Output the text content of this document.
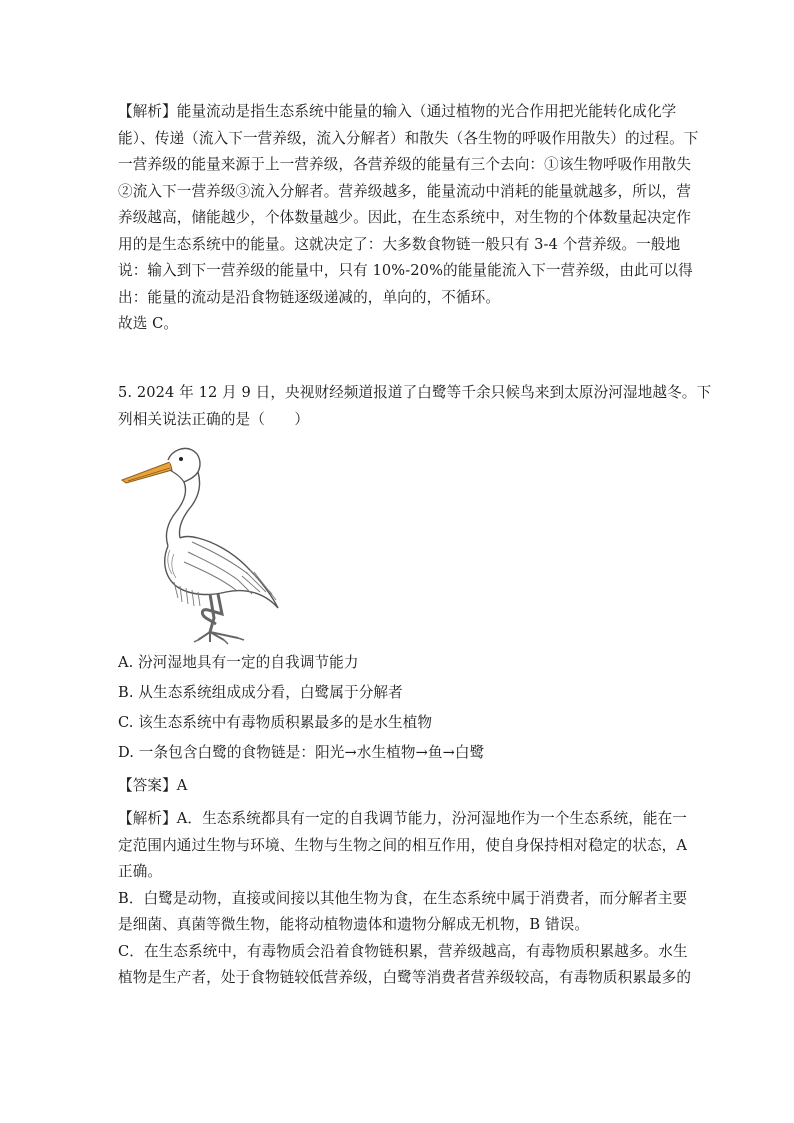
【解析】能量流动是指生态系统中能量的输入（通过植物的光合作用把光能转化成化学
能）、传递（流入下一营养级，流入分解者）和散失（各生物的呼吸作用散失）的过程。下
一营养级的能量来源于上一营养级，各营养级的能量有三个去向：①该生物呼吸作用散失
②流入下一营养级③流入分解者。营养级越多，能量流动中消耗的能量就越多，所以，营
养级越高，储能越少，个体数量越少。因此，在生态系统中，对生物的个体数量起决定作
用的是生态系统中的能量。这就决定了：大多数食物链一般只有 3-4 个营养级。一般地
说：输入到下一营养级的能量中，只有 10%-20%的能量能流入下一营养级，由此可以得
出：能量的流动是沿食物链逐级递减的，单向的，不循环。
故选 C。
5. 2024 年 12 月 9 日，央视财经频道报道了白鹭等千余只候鸟来到太原汾河湿地越冬。下
列相关说法正确的是（　　）
A. 汾河湿地具有一定的自我调节能力
B. 从生态系统组成成分看，白鹭属于分解者
C. 该生态系统中有毒物质积累最多的是水生植物
D. 一条包含白鹭的食物链是：阳光→水生植物→鱼→白鹭
【答案】A
【解析】A．生态系统都具有一定的自我调节能力，汾河湿地作为一个生态系统，能在一
定范围内通过生物与环境、生物与生物之间的相互作用，使自身保持相对稳定的状态，A
正确。
B．白鹭是动物，直接或间接以其他生物为食，在生态系统中属于消费者，而分解者主要
是细菌、真菌等微生物，能将动植物遗体和遗物分解成无机物，B 错误。
C．在生态系统中，有毒物质会沿着食物链积累，营养级越高，有毒物质积累越多。水生
植物是生产者，处于食物链较低营养级，白鹭等消费者营养级较高，有毒物质积累最多的
